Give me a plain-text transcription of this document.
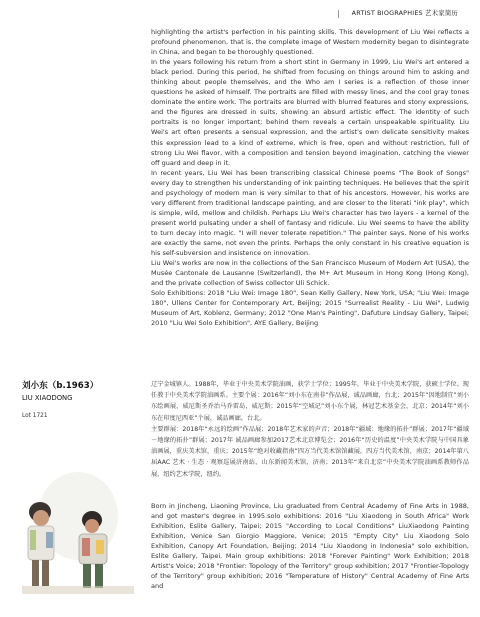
ARTIST BIOGRAPHIES 艺术家简历

highlighting the artist's perfection in his painting skills. This development of Liu Wei reflects a profound phenomenon, that is, the complete image of Western modernity began to disintegrate in China, and began to be thoroughly questioned.

In the years following his return from a short stint in Germany in 1999, Liu Wei's art entered a black period. During this period, he shifted from focusing on things around him to asking and thinking about people themselves, and the Who am I series is a reflection of those inner questions he asked of himself. The portraits are filled with messy lines, and the cool gray tones dominate the entire work. The portraits are blurred with blurred features and stony expressions, and the figures are dressed in suits, showing an absurd artistic effect. The identity of such portraits is no longer important; behind them reveals a certain unspeakable spirituality. Liu Wei's art often presents a sensual expression, and the artist's own delicate sensitivity makes this expression lead to a kind of extreme, which is free, open and without restriction, full of strong Liu Wei flavor, with a composition and tension beyond imagination, catching the viewer off guard and deep in it.

In recent years, Liu Wei has been transcribing classical Chinese poems "The Book of Songs" every day to strengthen his understanding of ink painting techniques. He believes that the spirit and psychology of modern man is very similar to that of his ancestors. However, his works are very different from traditional landscape painting, and are closer to the literati "ink play", which is simple, wild, mellow and childish. Perhaps Liu Wei's character has two layers - a kernel of the present world pulsating under a shell of fantasy and ridicule. Liu Wei seems to have the ability to turn decay into magic. "I will never tolerate repetition." The painter says. None of his works are exactly the same, not even the prints. Perhaps the only constant in his creative equation is his self-subversion and insistence on innovation.

Liu Wei's works are now in the collections of the San Francisco Museum of Modern Art (USA), the Musée Cantonale de Lausanne (Switzerland), the M+ Art Museum in Hong Kong (Hong Kong), and the private collection of Swiss collector Uli Schick.

Solo Exhibitions: 2018 "Liu Wei: Image 180", Sean Kelly Gallery, New York, USA; "Liu Wei: Image 180", Ullens Center for Contemporary Art, Beijing; 2015 "Surrealist Reality - Liu Wei", Ludwig Museum of Art, Koblenz, Germany; 2012 "One Man's Painting", Dafuture Lindsay Gallery, Taipei; 2010 "Liu Wei Solo Exhibition", AYE Gallery, Beijing

刘小东（b.1963）
LIU XIAODONG
Lot 1721

辽宁金城镇人。1988年，毕业于中央美术学院油画，获学士学位；1995年，毕业于中央美术学院，获硕士学位。现任教于中央美术学院油画系。主要个展：2016年“刘小东在南非”作品展，诚品画廊，台北；2015年“因地制宜”刘小东绘画展，威尼斯圣乔治马乔雷岛，威尼斯；2015年“空城记”刘小东个展，林冠艺术基金会，北京；2014年“刘小东在印度尼西亚”个展，诚品画廊，台北。

主要群展：2018年“永远的绘画”作品展；2018年艺术家的声音；2018年“疆域：地缘的拓扑”群展；2017年“疆域－地缘的拓扑”群展；2017年 诚品画廊参加2017艺术北京博览会；2016年“历史的温度”中央美术学院与中国具象油画展，重庆美术馆，重庆；2015年“绝对收藏指南”四方当代美术馆馆藏展，四方当代美术馆，南京；2014年第八届AAC 艺术 · 生态 · 观察巡展济南站，山东新闻美术馆，济南；2013年“来自北京”中央美术学院油画系教师作品展，纽约艺术学院，纽约。

Born in Jincheng, Liaoning Province, Liu graduated from Central Academy of Fine Arts in 1988, and got master's degree in 1995.solo exhibitions: 2016 "Liu Xiaodong in South Africa" Work Exhibition, Eslite Gallery, Taipei; 2015 "According to Local Conditions" LiuXiaodong Painting Exhibition, Venice San Giorgio Maggiore, Venice; 2015 "Empty City" Liu Xiaodong Solo Exhibition, Canopy Art Foundation, Beijing; 2014 "Liu Xiaodong in Indonesia" solo exhibition, Eslite Gallery, Taipei. Main group exhibitions: 2018 "Forever Painting" Work Exhibition; 2018 Artist's Voice; 2018 "Frontier: Topology of the Territory" group exhibition; 2017 "Frontier-Topology of the Territory" group exhibition; 2016 "Temperature of History" Central Academy of Fine Arts and
